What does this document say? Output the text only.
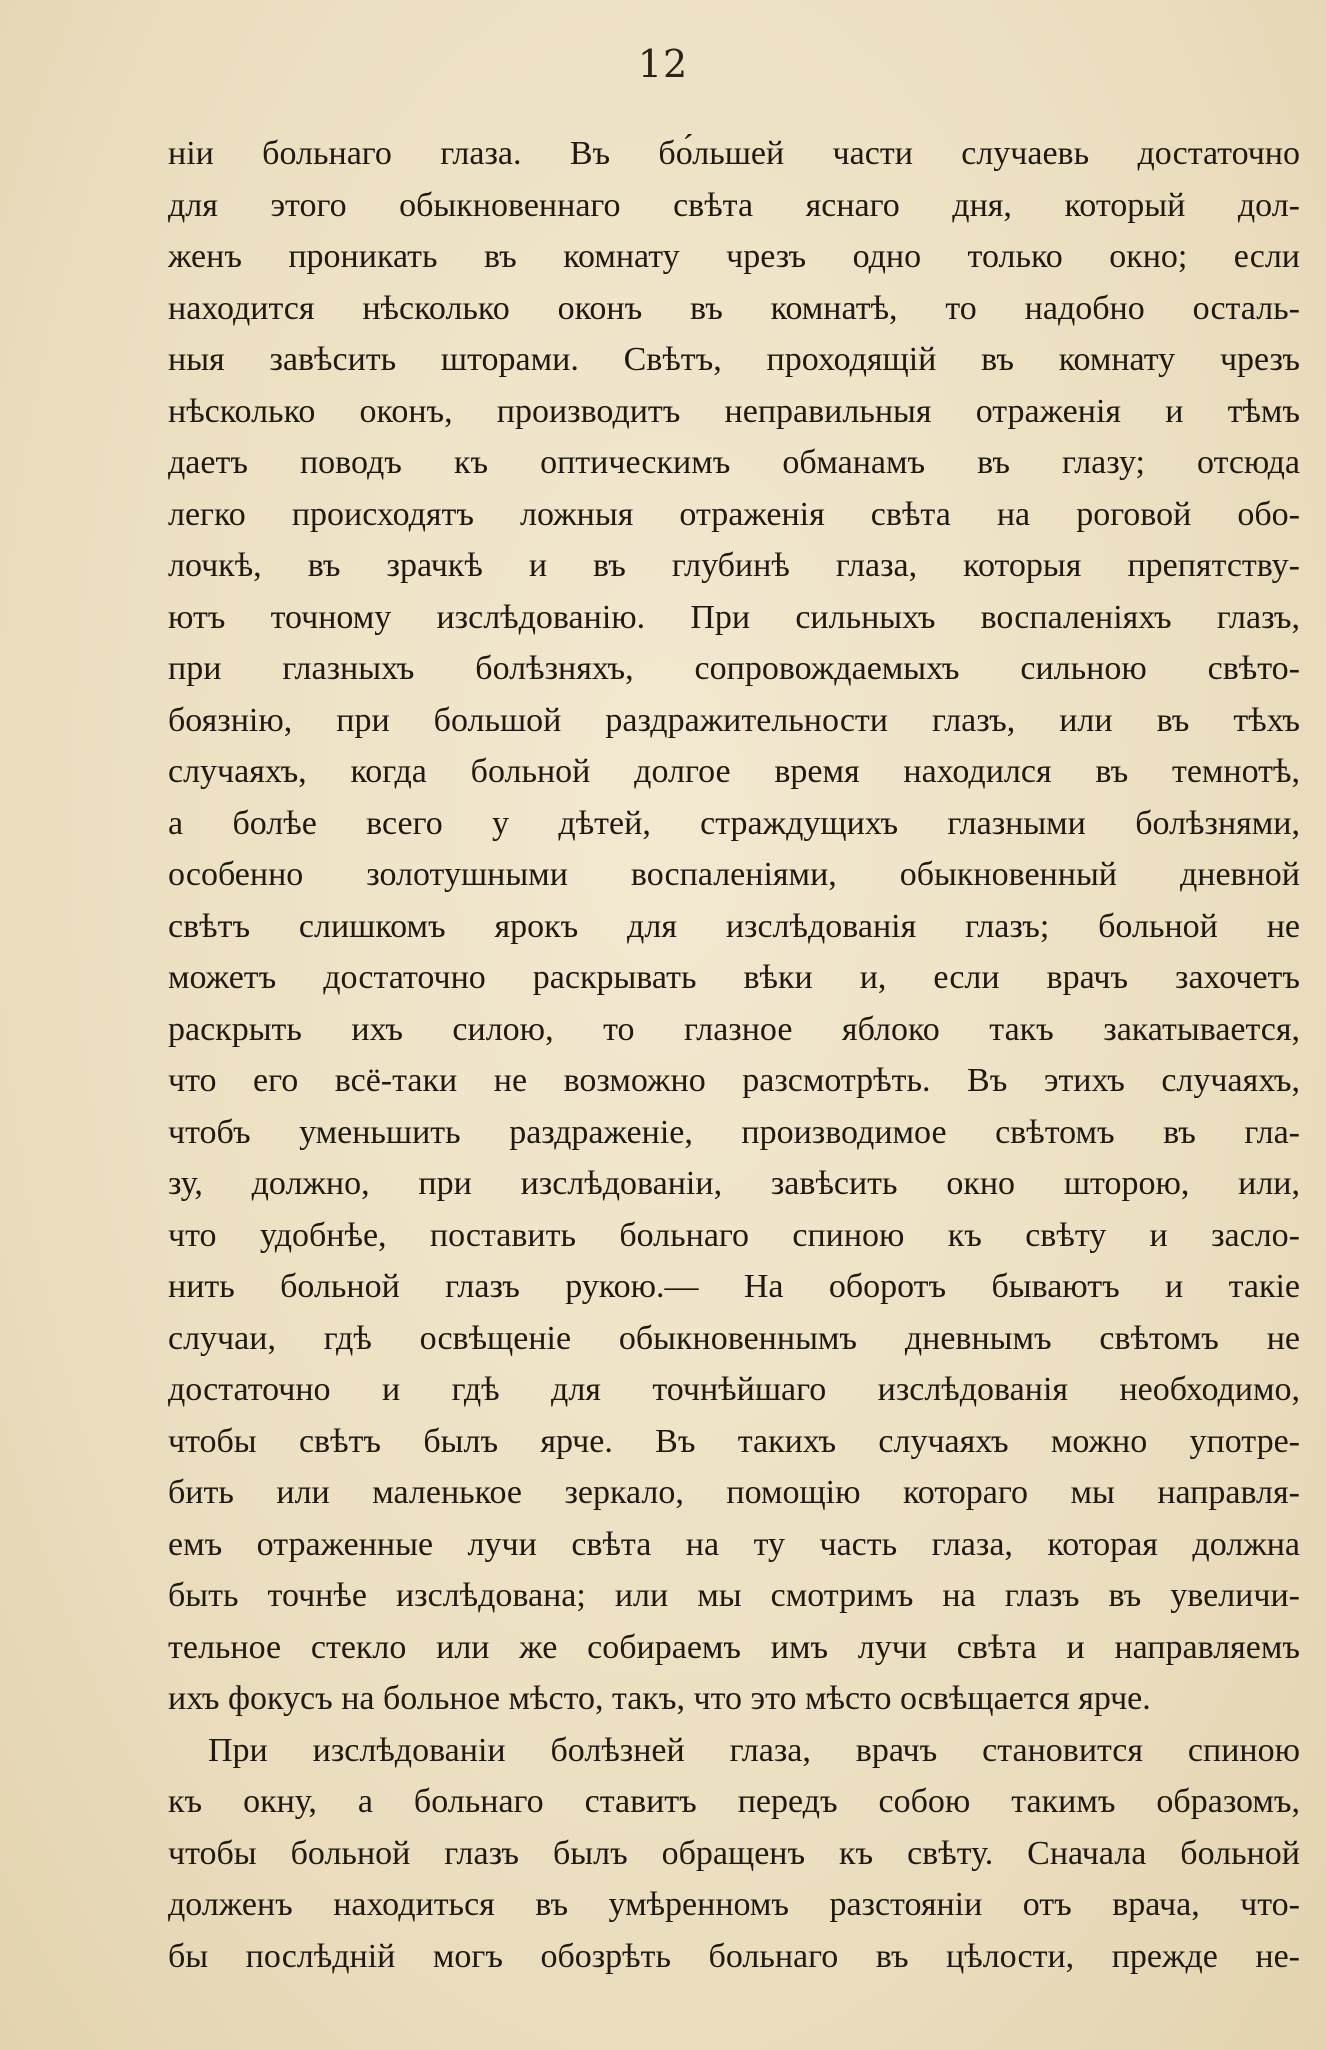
12
нiи больнаго глаза. Въ бо́льшей части случаевь достаточно
для этого обыкновеннаго свѣта яснаго дня, который дол-
женъ проникать въ комнату чрезъ одно только окно; если
находится нѣсколько оконъ въ комнатѣ, то надобно осталь-
ныя завѣсить шторами. Свѣтъ, проходящiй въ комнату чрезъ
нѣсколько оконъ, производитъ неправильныя отраженiя и тѣмъ
даетъ поводъ къ оптическимъ обманамъ въ глазу; отсюда
легко происходятъ ложныя отраженiя свѣта на роговой обо-
лочкѣ, въ зрачкѣ и въ глубинѣ глаза, которыя препятству-
ютъ точному изслѣдованiю. При сильныхъ воспаленiяхъ глазъ,
при глазныхъ болѣзняхъ, сопровождаемыхъ сильною свѣто-
боязнiю, при большой раздражительности глазъ, или въ тѣхъ
случаяхъ, когда больной долгое время находился въ темнотѣ,
а болѣе всего у дѣтей, страждущихъ глазными болѣзнями,
особенно золотушными воспаленiями, обыкновенный дневной
свѣтъ слишкомъ ярокъ для изслѣдованiя глазъ; больной не
можетъ достаточно раскрывать вѣки и, если врачъ захочетъ
раскрыть ихъ силою, то глазное яблоко такъ закатывается,
что его всё-таки не возможно разсмотрѣть. Въ этихъ случаяхъ,
чтобъ уменьшить раздраженiе, производимое свѣтомъ въ гла-
зу, должно, при изслѣдованiи, завѣсить окно шторою, или,
что удобнѣе, поставить больнаго спиною къ свѣту и засло-
нить больной глазъ рукою.— На оборотъ бываютъ и такiе
случаи, гдѣ освѣщенiе обыкновеннымъ дневнымъ свѣтомъ не
достаточно и гдѣ для точнѣйшаго изслѣдованiя необходимо,
чтобы свѣтъ былъ ярче. Въ такихъ случаяхъ можно употре-
бить или маленькое зеркало, помощiю котораго мы направля-
емъ отраженные лучи свѣта на ту часть глаза, которая должна
быть точнѣе изслѣдована; или мы смотримъ на глазъ въ увеличи-
тельное стекло или же собираемъ имъ лучи свѣта и направляемъ
ихъ фокусъ на больное мѣсто, такъ, что это мѣсто освѣщается ярче.
При изслѣдованiи болѣзней глаза, врачъ становится спиною
къ окну, а больнаго ставитъ передъ собою такимъ образомъ,
чтобы больной глазъ былъ обращенъ къ свѣту. Сначала больной
долженъ находиться въ умѣренномъ разстоянiи отъ врача, что-
бы послѣднiй могъ обозрѣть больнаго въ цѣлости, прежде не-
